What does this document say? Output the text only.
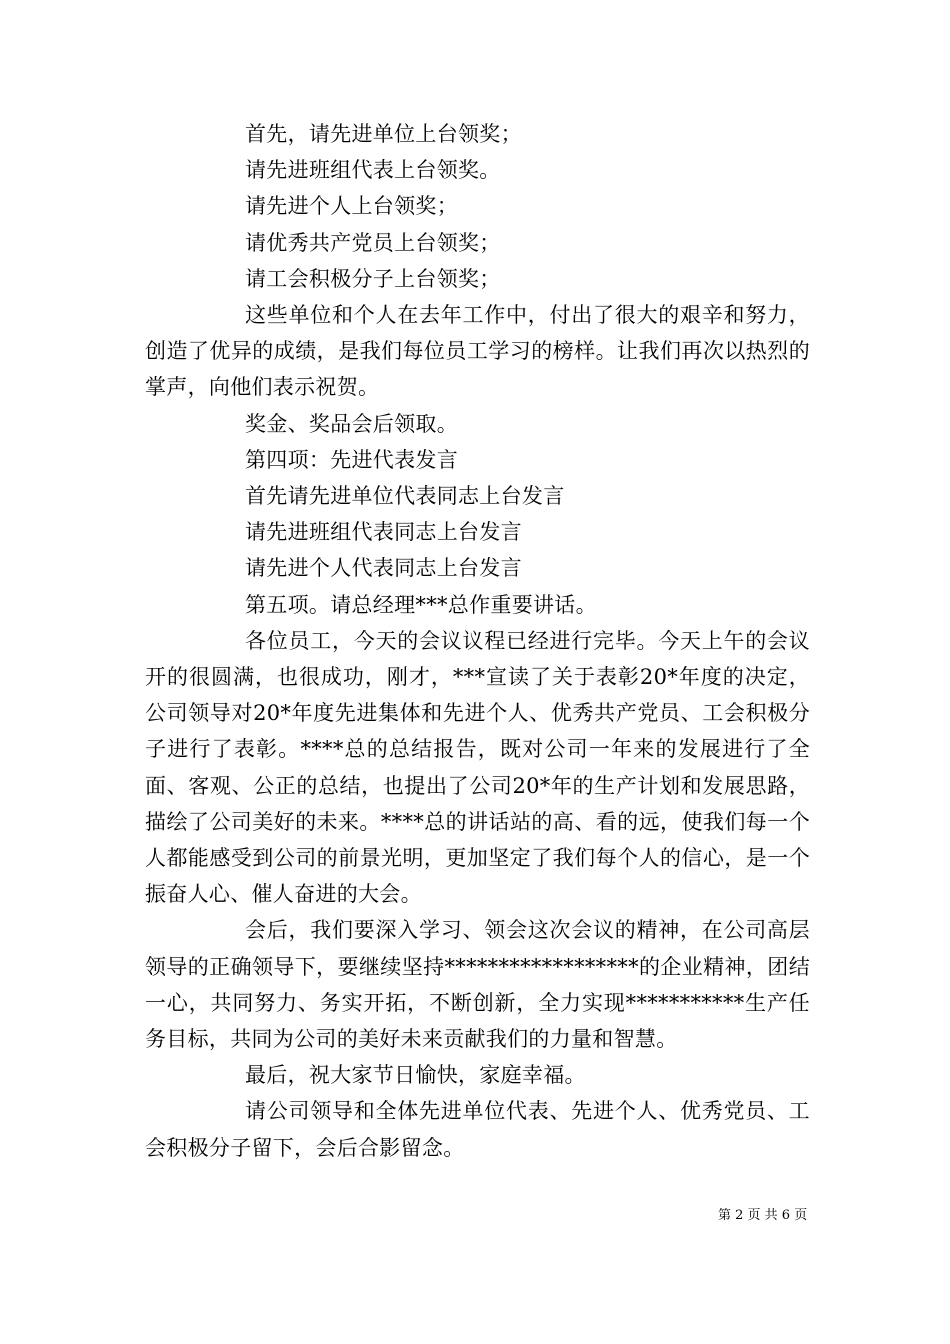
首先，请先进单位上台领奖；

请先进班组代表上台领奖。

请先进个人上台领奖；

请优秀共产党员上台领奖；

请工会积极分子上台领奖；

这些单位和个人在去年工作中，付出了很大的艰辛和努力，创造了优异的成绩，是我们每位员工学习的榜样。让我们再次以热烈的掌声，向他们表示祝贺。

奖金、奖品会后领取。

第四项：先进代表发言

首先请先进单位代表同志上台发言

请先进班组代表同志上台发言

请先进个人代表同志上台发言

第五项。请总经理***总作重要讲话。

各位员工，今天的会议议程已经进行完毕。今天上午的会议开的很圆满，也很成功，刚才，***宣读了关于表彰20*年度的决定，公司领导对20*年度先进集体和先进个人、优秀共产党员、工会积极分子进行了表彰。****总的总结报告，既对公司一年来的发展进行了全面、客观、公正的总结，也提出了公司20*年的生产计划和发展思路，描绘了公司美好的未来。****总的讲话站的高、看的远，使我们每一个人都能感受到公司的前景光明，更加坚定了我们每个人的信心，是一个振奋人心、催人奋进的大会。

会后，我们要深入学习、领会这次会议的精神，在公司高层领导的正确领导下，要继续坚持******************的企业精神，团结一心，共同努力、务实开拓，不断创新，全力实现***********生产任务目标，共同为公司的美好未来贡献我们的力量和智慧。

最后，祝大家节日愉快，家庭幸福。

请公司领导和全体先进单位代表、先进个人、优秀党员、工会积极分子留下，会后合影留念。

第 2 页 共 6 页
